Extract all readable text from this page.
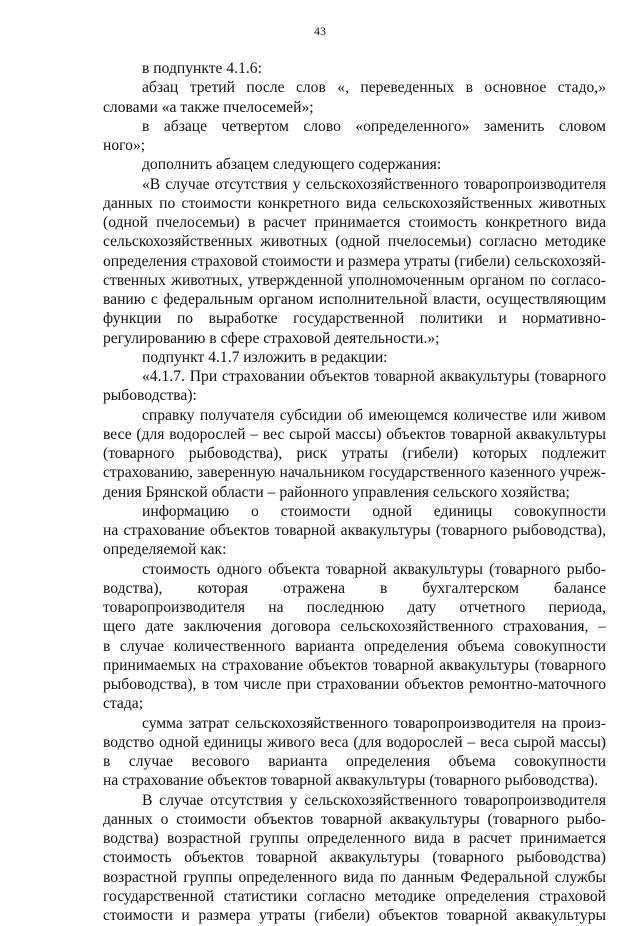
43
в подпункте 4.1.6:
абзац третий после слов «, переведенных в основное стадо,»
словами «а также пчелосемей»;
в абзаце четвертом слово «определенного» заменить словом
ного»;
дополнить абзацем следующего содержания:
«В случае отсутствия у сельскохозяйственного товаропроизводителя
данных по стоимости конкретного вида сельскохозяйственных животных
(одной пчелосемьи) в расчет принимается стоимость конкретного вида
сельскохозяйственных животных (одной пчелосемьи) согласно методике
определения страховой стоимости и размера утраты (гибели) сельскохозяй-
ственных животных, утвержденной уполномоченным органом по согласо-
ванию с федеральным органом исполнительной власти, осуществляющим
функции по выработке государственной политики и нормативно-
регулированию в сфере страховой деятельности.»;
подпункт 4.1.7 изложить в редакции:
«4.1.7. При страховании объектов товарной аквакультуры (товарного
рыбоводства):
справку получателя субсидии об имеющемся количестве или живом
весе (для водорослей – вес сырой массы) объектов товарной аквакультуры
(товарного рыбоводства), риск утраты (гибели) которых подлежит
страхованию, заверенную начальником государственного казенного учреж-
дения Брянской области – районного управления сельского хозяйства;
информацию о стоимости одной единицы совокупности
на страхование объектов товарной аквакультуры (товарного рыбоводства),
определяемой как:
стоимость одного объекта товарной аквакультуры (товарного рыбо-
водства), которая отражена в бухгалтерском балансе
товаропроизводителя на последнюю дату отчетного периода,
щего дате заключения договора сельскохозяйственного страхования, –
в случае количественного варианта определения объема совокупности
принимаемых на страхование объектов товарной аквакультуры (товарного
рыбоводства), в том числе при страховании объектов ремонтно-маточного
стада;
сумма затрат сельскохозяйственного товаропроизводителя на произ-
водство одной единицы живого веса (для водорослей – веса сырой массы)
в случае весового варианта определения объема совокупности
на страхование объектов товарной аквакультуры (товарного рыбоводства).
В случае отсутствия у сельскохозяйственного товаропроизводителя
данных о стоимости объектов товарной аквакультуры (товарного рыбо-
водства) возрастной группы определенного вида в расчет принимается
стоимость объектов товарной аквакультуры (товарного рыбоводства)
возрастной группы определенного вида по данным Федеральной службы
государственной статистики согласно методике определения страховой
стоимости и размера утраты (гибели) объектов товарной аквакультуры
